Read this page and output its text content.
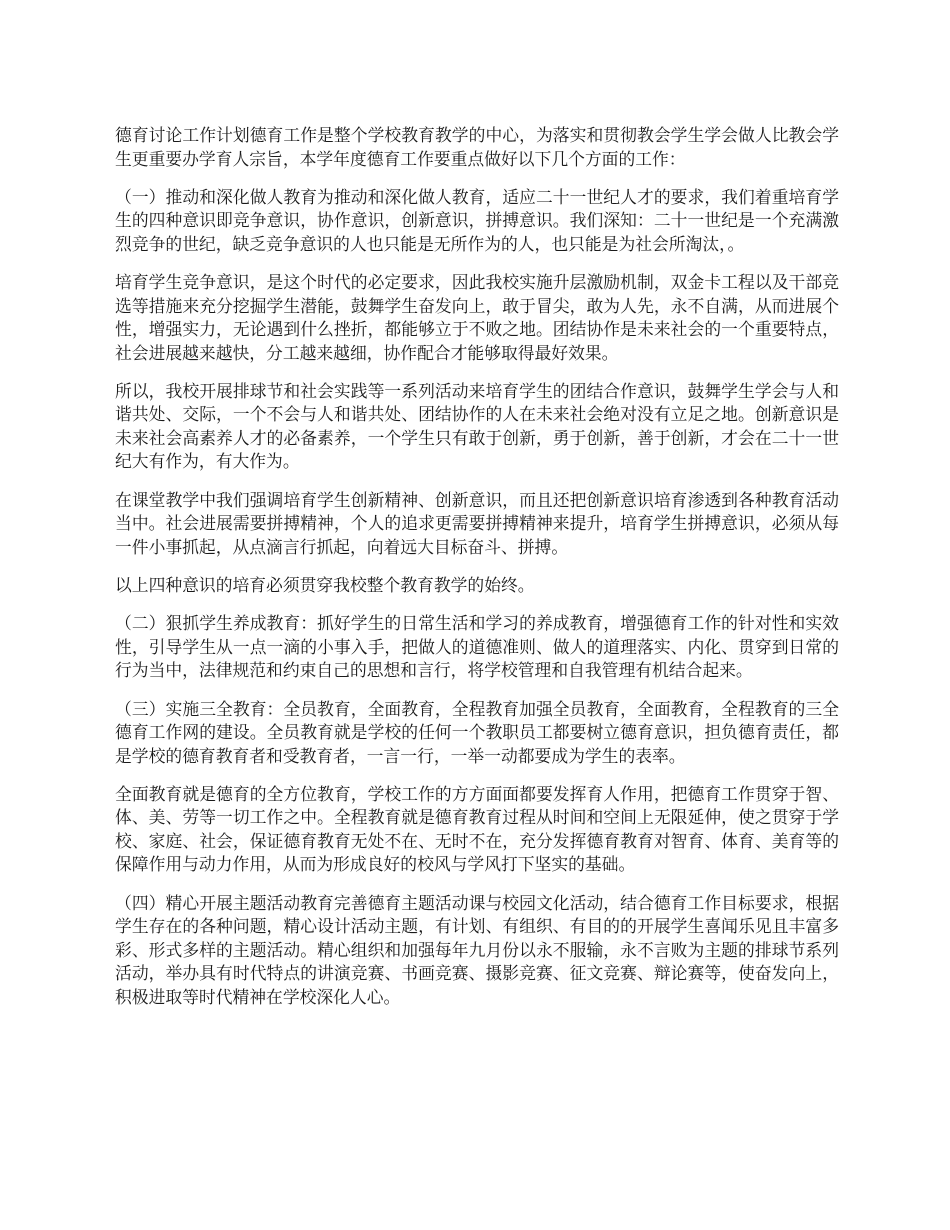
德育讨论工作计划德育工作是整个学校教育教学的中心，为落实和贯彻教会学生学会做人比教会学生更重要办学育人宗旨，本学年度德育工作要重点做好以下几个方面的工作：

（一）推动和深化做人教育为推动和深化做人教育，适应二十一世纪人才的要求，我们着重培育学生的四种意识即竞争意识，协作意识，创新意识，拼搏意识。我们深知：二十一世纪是一个充满激烈竞争的世纪，缺乏竞争意识的人也只能是无所作为的人，也只能是为社会所淘汰，。

培育学生竞争意识，是这个时代的必定要求，因此我校实施升层激励机制，双金卡工程以及干部竞选等措施来充分挖掘学生潜能，鼓舞学生奋发向上，敢于冒尖，敢为人先，永不自满，从而进展个性，增强实力，无论遇到什么挫折，都能够立于不败之地。团结协作是未来社会的一个重要特点，社会进展越来越快，分工越来越细，协作配合才能够取得最好效果。

所以，我校开展排球节和社会实践等一系列活动来培育学生的团结合作意识，鼓舞学生学会与人和谐共处、交际，一个不会与人和谐共处、团结协作的人在未来社会绝对没有立足之地。创新意识是未来社会高素养人才的必备素养，一个学生只有敢于创新，勇于创新，善于创新，才会在二十一世纪大有作为，有大作为。

在课堂教学中我们强调培育学生创新精神、创新意识，而且还把创新意识培育渗透到各种教育活动当中。社会进展需要拼搏精神，个人的追求更需要拼搏精神来提升，培育学生拼搏意识，必须从每一件小事抓起，从点滴言行抓起，向着远大目标奋斗、拼搏。

以上四种意识的培育必须贯穿我校整个教育教学的始终。

（二）狠抓学生养成教育：抓好学生的日常生活和学习的养成教育，增强德育工作的针对性和实效性，引导学生从一点一滴的小事入手，把做人的道德准则、做人的道理落实、内化、贯穿到日常的行为当中，法律规范和约束自己的思想和言行，将学校管理和自我管理有机结合起来。

（三）实施三全教育：全员教育，全面教育，全程教育加强全员教育，全面教育，全程教育的三全德育工作网的建设。全员教育就是学校的任何一个教职员工都要树立德育意识，担负德育责任，都是学校的德育教育者和受教育者，一言一行，一举一动都要成为学生的表率。

全面教育就是德育的全方位教育，学校工作的方方面面都要发挥育人作用，把德育工作贯穿于智、体、美、劳等一切工作之中。全程教育就是德育教育过程从时间和空间上无限延伸，使之贯穿于学校、家庭、社会，保证德育教育无处不在、无时不在，充分发挥德育教育对智育、体育、美育等的保障作用与动力作用，从而为形成良好的校风与学风打下坚实的基础。

（四）精心开展主题活动教育完善德育主题活动课与校园文化活动，结合德育工作目标要求，根据学生存在的各种问题，精心设计活动主题，有计划、有组织、有目的的开展学生喜闻乐见且丰富多彩、形式多样的主题活动。精心组织和加强每年九月份以永不服输，永不言败为主题的排球节系列活动，举办具有时代特点的讲演竞赛、书画竞赛、摄影竞赛、征文竞赛、辩论赛等，使奋发向上，积极进取等时代精神在学校深化人心。
